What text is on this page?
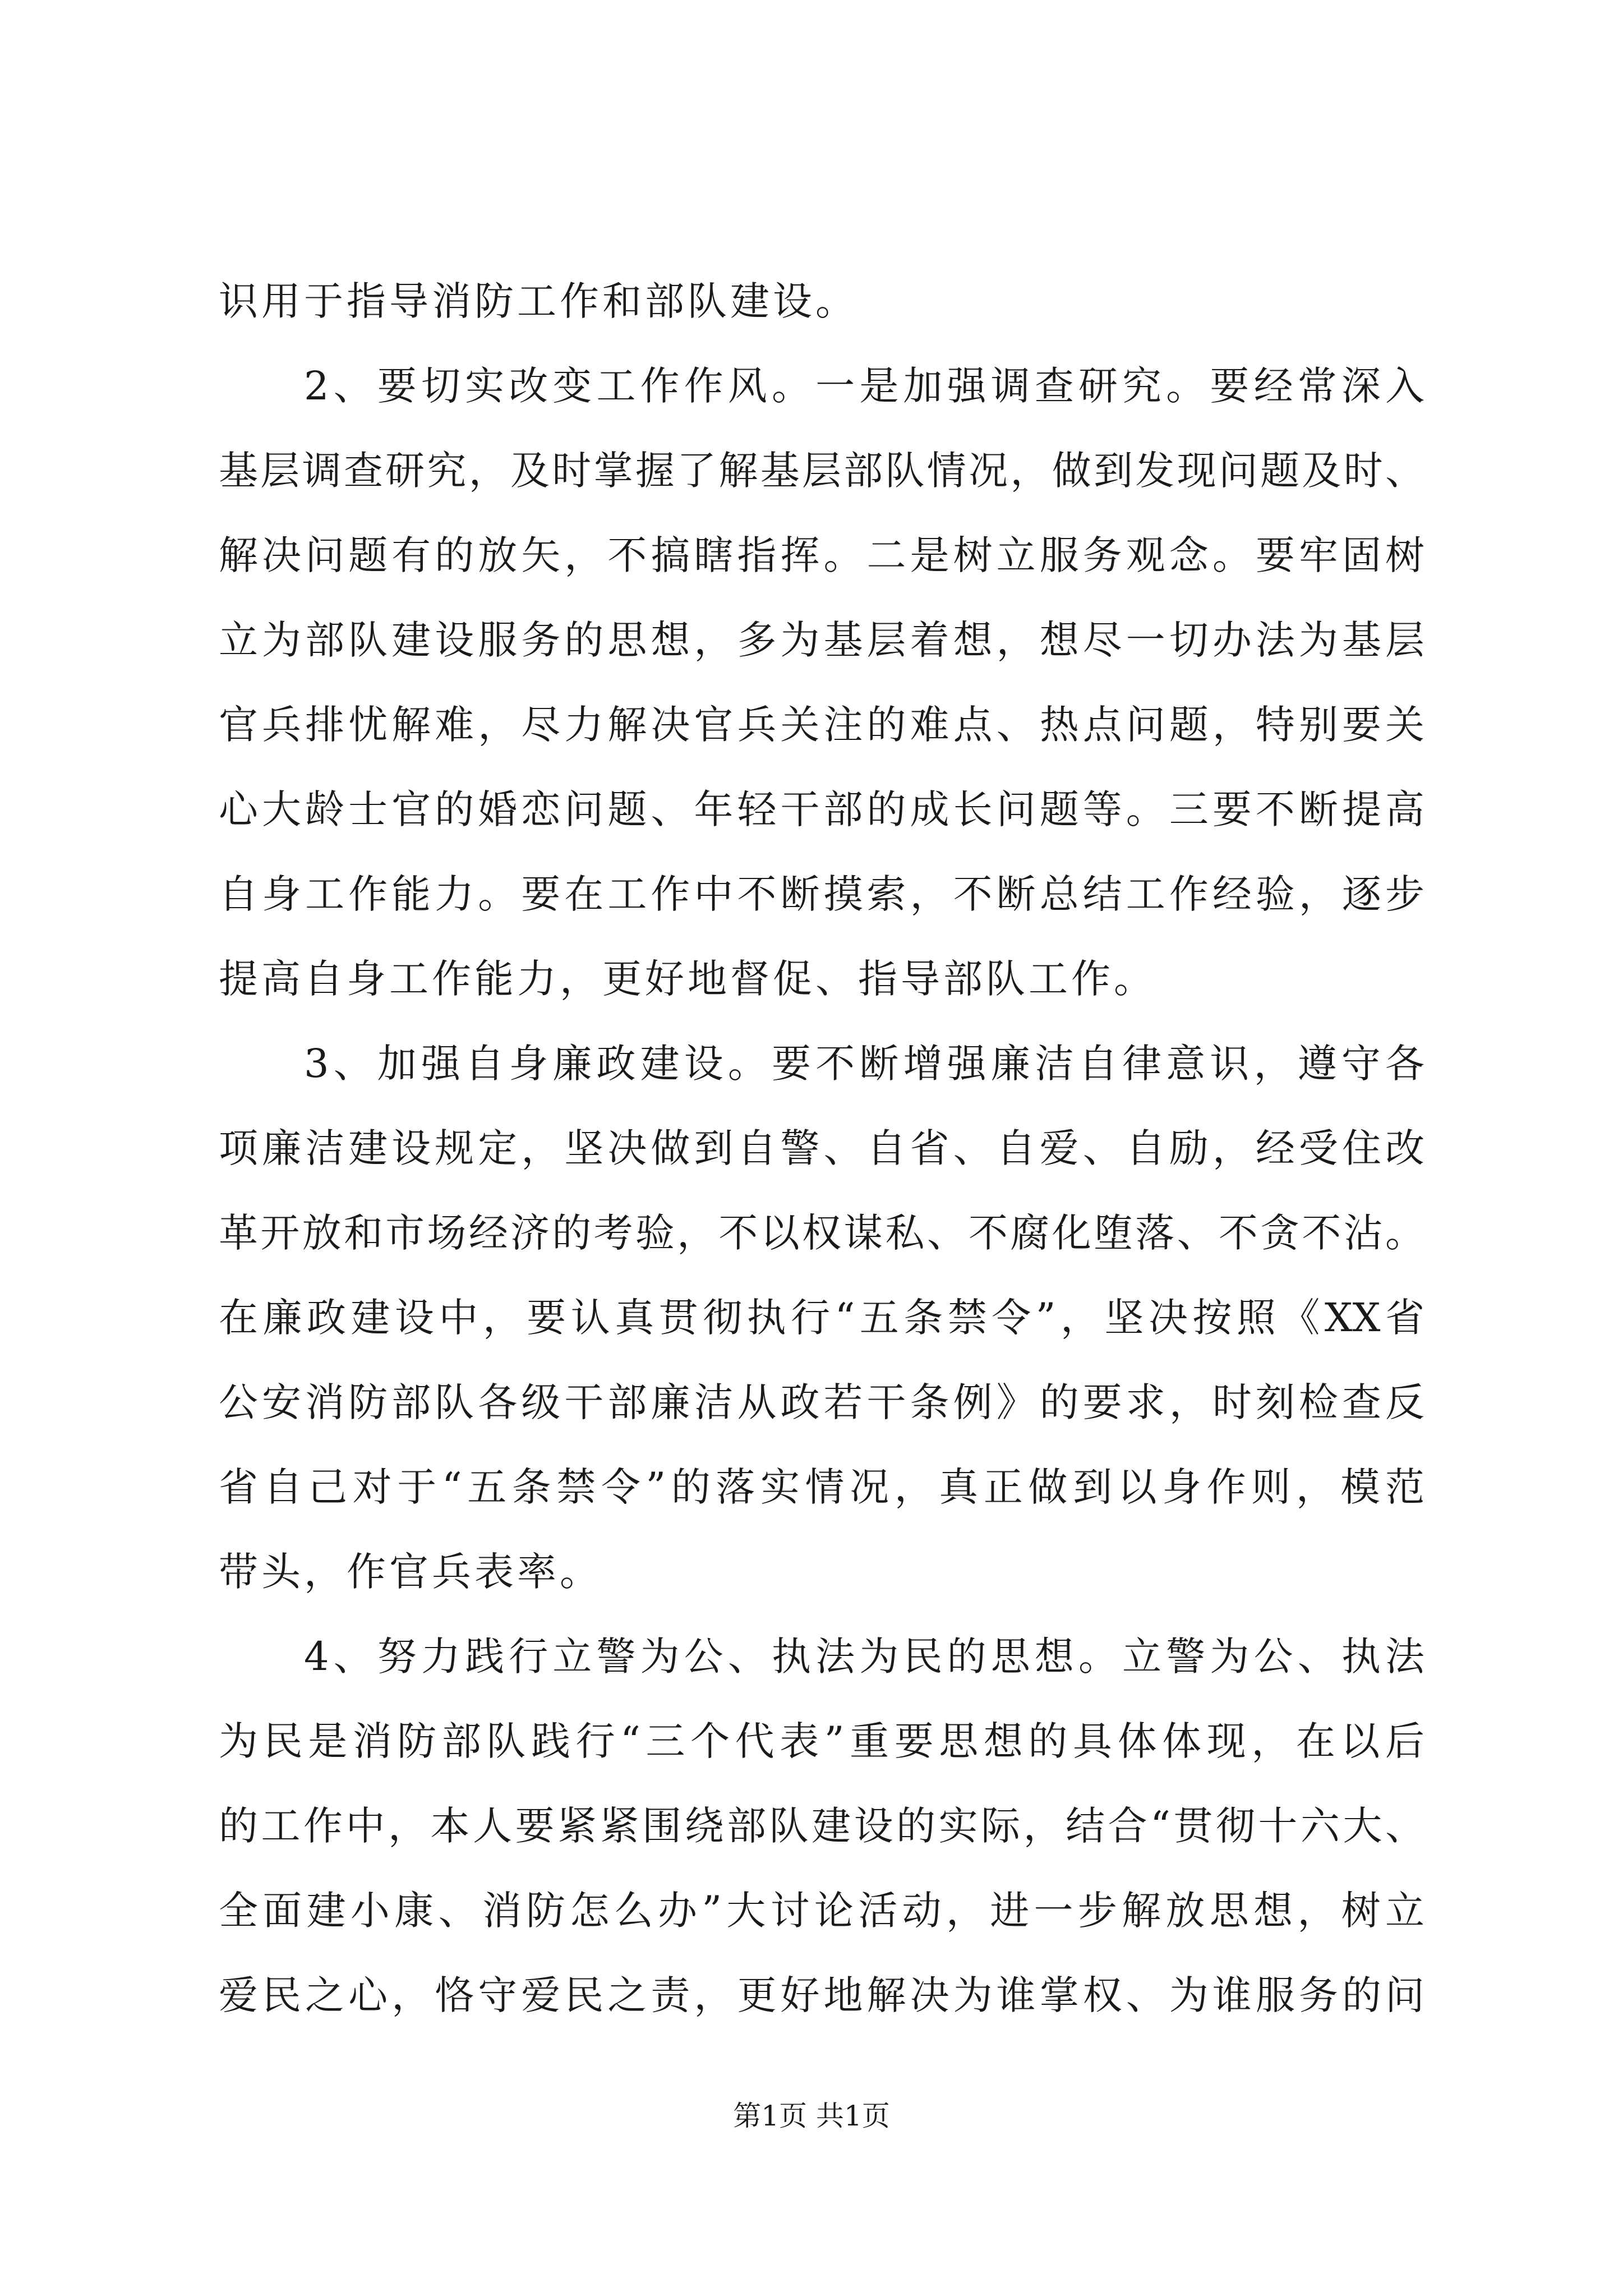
识用于指导消防工作和部队建设。
2、要切实改变工作作风。一是加强调查研究。要经常深入
基层调查研究，及时掌握了解基层部队情况，做到发现问题及时、
解决问题有的放矢，不搞瞎指挥。二是树立服务观念。要牢固树
立为部队建设服务的思想，多为基层着想，想尽一切办法为基层
官兵排忧解难，尽力解决官兵关注的难点、热点问题，特别要关
心大龄士官的婚恋问题、年轻干部的成长问题等。三要不断提高
自身工作能力。要在工作中不断摸索，不断总结工作经验，逐步
提高自身工作能力，更好地督促、指导部队工作。
3、加强自身廉政建设。要不断增强廉洁自律意识，遵守各
项廉洁建设规定，坚决做到自警、自省、自爱、自励，经受住改
革开放和市场经济的考验，不以权谋私、不腐化堕落、不贪不沾。
在廉政建设中，要认真贯彻执行“五条禁令”，坚决按照《XX省
公安消防部队各级干部廉洁从政若干条例》的要求，时刻检查反
省自己对于“五条禁令”的落实情况，真正做到以身作则，模范
带头，作官兵表率。
4、努力践行立警为公、执法为民的思想。立警为公、执法
为民是消防部队践行“三个代表”重要思想的具体体现，在以后
的工作中，本人要紧紧围绕部队建设的实际，结合“贯彻十六大、
全面建小康、消防怎么办”大讨论活动，进一步解放思想，树立
爱民之心，恪守爱民之责，更好地解决为谁掌权、为谁服务的问
第1页 共1页
